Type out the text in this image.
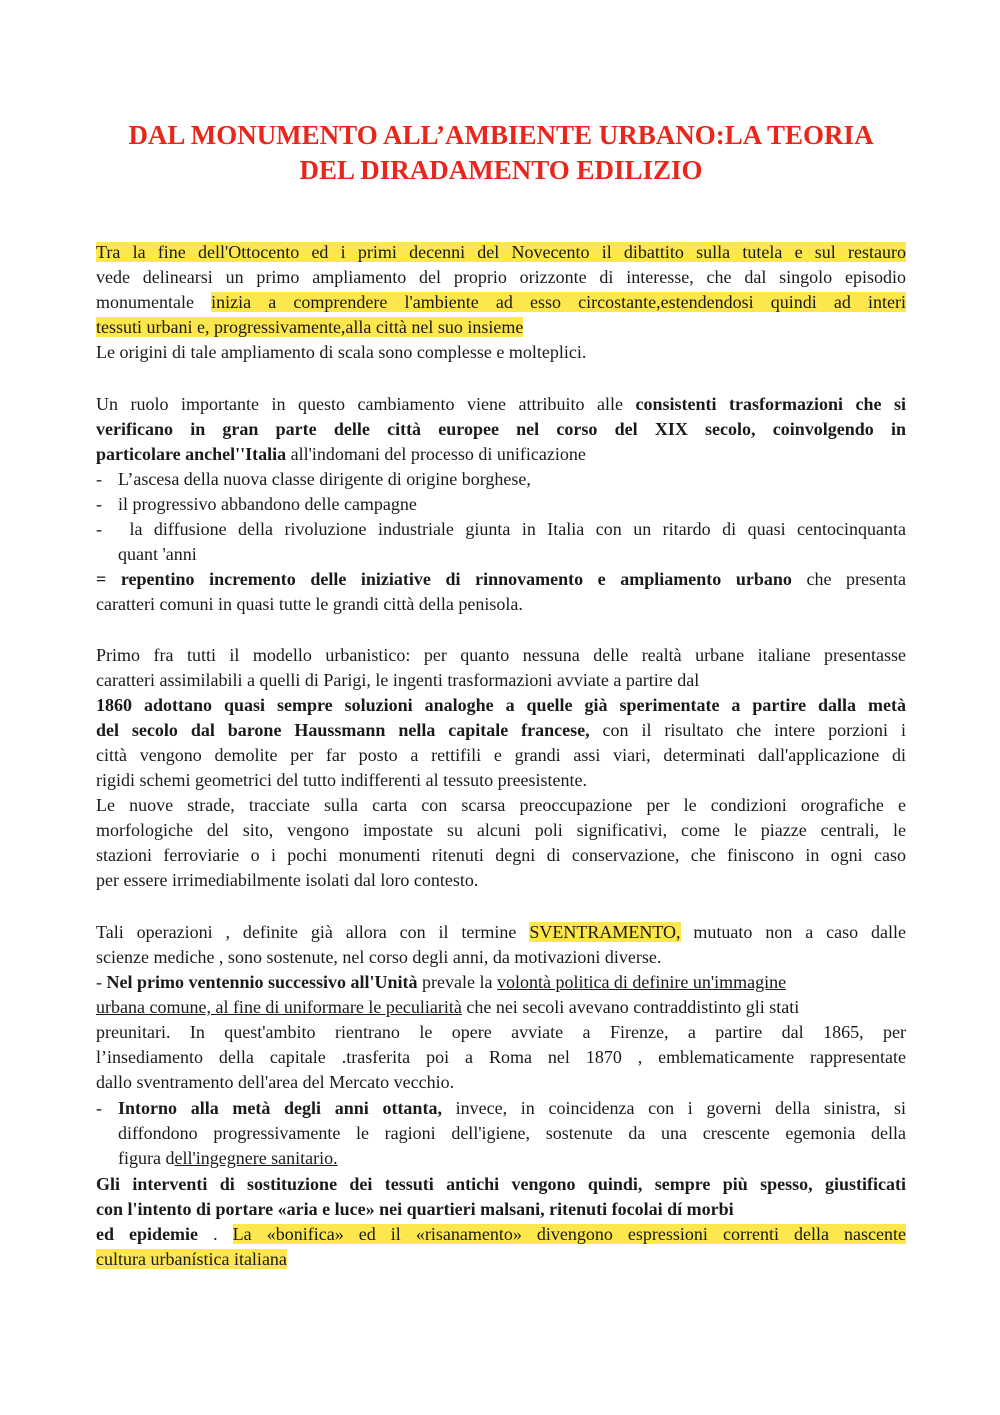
DAL MONUMENTO ALL’AMBIENTE URBANO:LA TEORIA
DEL DIRADAMENTO EDILIZIO
Tra la fine dell'Ottocento ed i primi decenni del Novecento il dibattito sulla tutela e sul restauro
vede delinearsi un primo ampliamento del proprio orizzonte di interesse, che dal singolo episodio
monumentale inizia a comprendere l'ambiente ad esso circostante,estendendosi quindi ad interi
tessuti urbani e, progressivamente,alla città nel suo insieme
Le origini di tale ampliamento di scala sono complesse e molteplici.
Un ruolo importante in questo cambiamento viene attribuito alle consistenti trasformazioni che si
verificano in gran parte delle città europee nel corso del XIX secolo, coinvolgendo in
particolare anchel''Italia all'indomani del processo di unificazione
- L’ascesa della nuova classe dirigente di origine borghese,
- il progressivo abbandono delle campagne
- la diffusione della rivoluzione industriale giunta in Italia con un ritardo di quasi centocinquanta
quant 'anni
= repentino incremento delle iniziative di rinnovamento e ampliamento urbano che presenta
caratteri comuni in quasi tutte le grandi città della penisola.
Primo fra tutti il modello urbanistico: per quanto nessuna delle realtà urbane italiane presentasse
caratteri assimilabili a quelli di Parigi, le ingenti trasformazioni avviate a partire dal
1860 adottano quasi sempre soluzioni analoghe a quelle già sperimentate a partire dalla metà
del secolo dal barone Haussmann nella capitale francese, con il risultato che intere porzioni i
città vengono demolite per far posto a rettifili e grandi assi viari, determinati dall'applicazione di
rigidi schemi geometrici del tutto indifferenti al tessuto preesistente.
Le nuove strade, tracciate sulla carta con scarsa preoccupazione per le condizioni orografiche e
morfologiche del sito, vengono impostate su alcuni poli significativi, come le piazze centrali, le
stazioni ferroviarie o i pochi monumenti ritenuti degni di conservazione, che finiscono in ogni caso
per essere irrimediabilmente isolati dal loro contesto.
Tali operazioni , definite già allora con il termine SVENTRAMENTO, mutuato non a caso dalle
scienze mediche , sono sostenute, nel corso degli anni, da motivazioni diverse.
- Nel primo ventennio successivo all'Unità prevale la volontà politica di definire un'immagine
urbana comune, al fine di uniformare le peculiarità che nei secoli avevano contraddistinto gli stati
preunitari. In quest'ambito rientrano le opere avviate a Firenze, a partire dal 1865, per
l’insediamento della capitale .trasferita poi a Roma nel 1870 , emblematicamente rappresentate
dallo sventramento dell'area del Mercato vecchio.
- Intorno alla metà degli anni ottanta, invece, in coincidenza con i governi della sinistra, si
diffondono progressivamente le ragioni dell'igiene, sostenute da una crescente egemonia della
figura dell'ingegnere sanitario.
Gli interventi di sostituzione dei tessuti antichi vengono quindi, sempre più spesso, giustificati
con l'intento di portare «aria e luce» nei quartieri malsani, ritenuti focolai dí morbi
ed epidemie . La «bonifica» ed il «risanamento» divengono espressioni correnti della nascente
cultura urbanística italiana
